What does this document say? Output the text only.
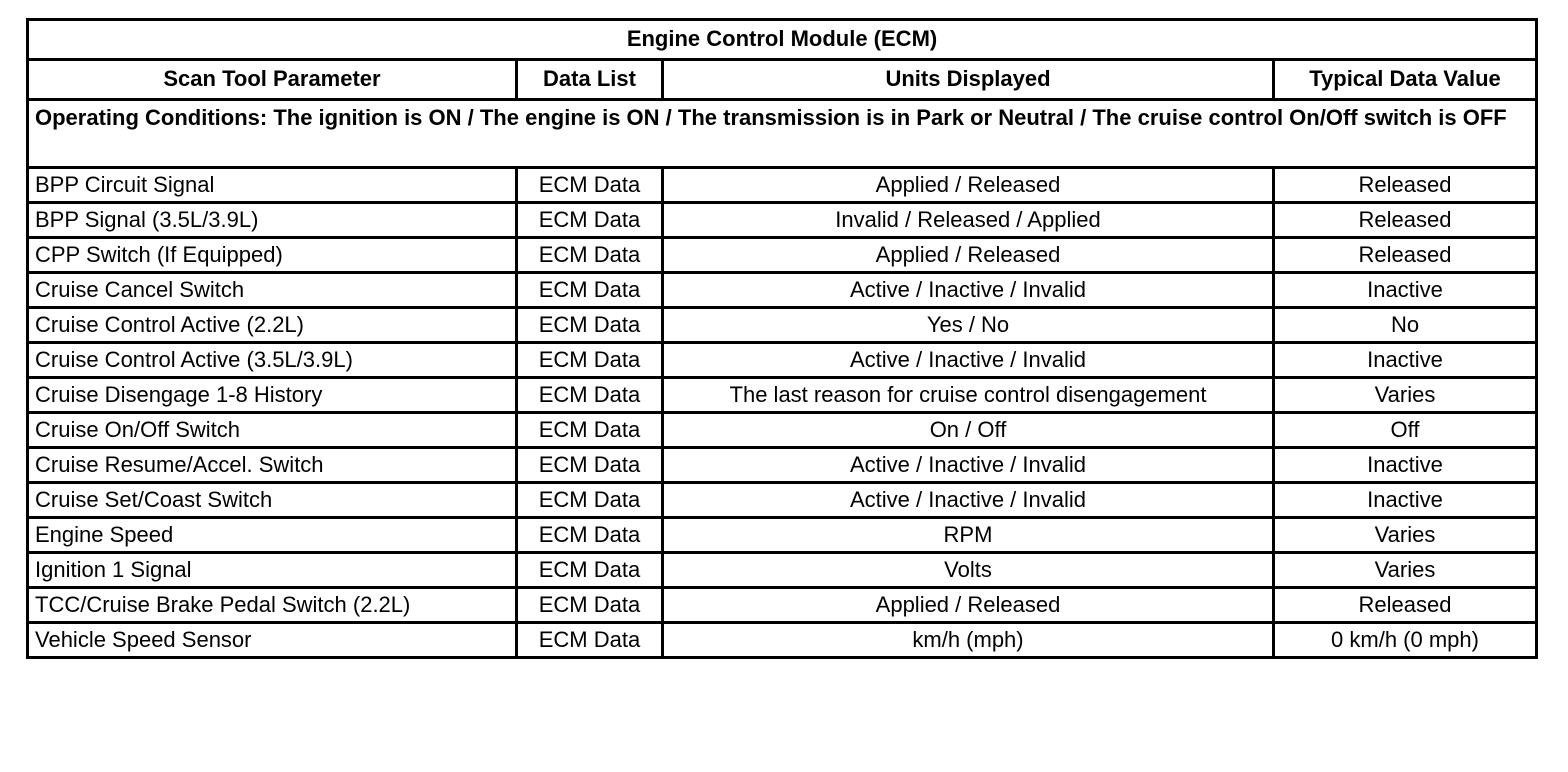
Engine Control Module (ECM)			
Scan Tool Parameter	Data List	Units Displayed	Typical Data Value
Operating Conditions: The ignition is ON / The engine is ON / The transmission is in Park or Neutral / The cruise control On/Off switch is OFF			
BPP Circuit Signal	ECM Data	Applied / Released	Released
BPP Signal (3.5L/3.9L)	ECM Data	Invalid / Released / Applied	Released
CPP Switch (If Equipped)	ECM Data	Applied / Released	Released
Cruise Cancel Switch	ECM Data	Active / Inactive / Invalid	Inactive
Cruise Control Active (2.2L)	ECM Data	Yes / No	No
Cruise Control Active (3.5L/3.9L)	ECM Data	Active / Inactive / Invalid	Inactive
Cruise Disengage 1-8 History	ECM Data	The last reason for cruise control disengagement	Varies
Cruise On/Off Switch	ECM Data	On / Off	Off
Cruise Resume/Accel. Switch	ECM Data	Active / Inactive / Invalid	Inactive
Cruise Set/Coast Switch	ECM Data	Active / Inactive / Invalid	Inactive
Engine Speed	ECM Data	RPM	Varies
Ignition 1 Signal	ECM Data	Volts	Varies
TCC/Cruise Brake Pedal Switch (2.2L)	ECM Data	Applied / Released	Released
Vehicle Speed Sensor	ECM Data	km/h (mph)	0 km/h (0 mph)
